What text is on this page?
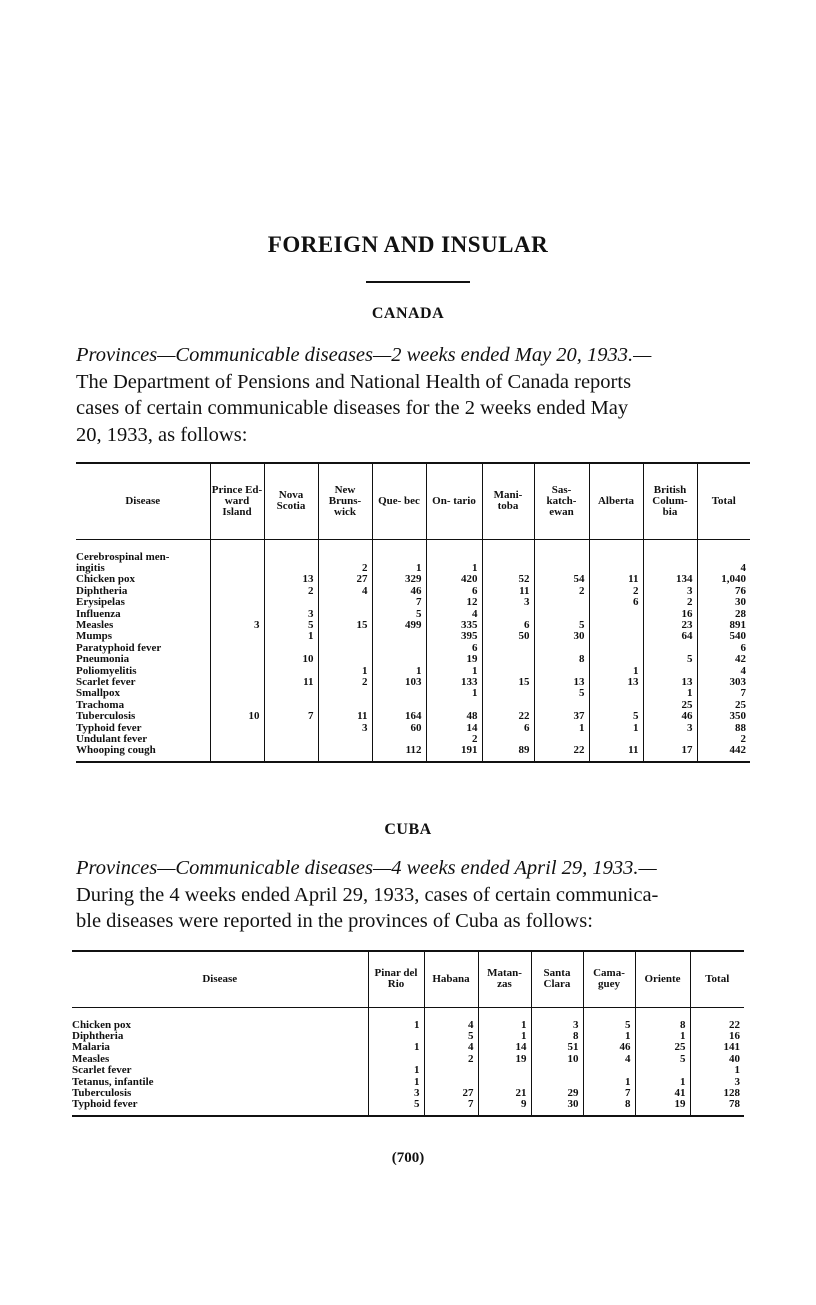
FOREIGN AND INSULAR
CANADA
Provinces—Communicable diseases—2 weeks ended May 20, 1933.—
The Department of Pensions and National Health of Canada reports
cases of certain communicable diseases for the 2 weeks ended May
20, 1933, as follows:
Disease	Prince Ed- ward Island	Nova Scotia	New Bruns- wick	Que- bec	On- tario	Mani- toba	Sas- katch- ewan	Alberta	British Colum- bia	Total

Cerebrospinal men-										
ingitis			2	1	1					4
Chicken pox		13	27	329	420	52	54	11	134	1,040
Diphtheria		2	4	46	6	11	2	2	3	76
Erysipelas				7	12	3		6	2	30
Influenza		3		5	4				16	28
Measles	3	5	15	499	335	6	5		23	891
Mumps		1			395	50	30		64	540
Paratyphoid fever					6					6
Pneumonia		10			19		8		5	42
Poliomyelitis			1	1	1			1		4
Scarlet fever		11	2	103	133	15	13	13	13	303
Smallpox					1		5		1	7
Trachoma									25	25
Tuberculosis	10	7	11	164	48	22	37	5	46	350
Typhoid fever			3	60	14	6	1	1	3	88
Undulant fever					2					2
Whooping cough				112	191	89	22	11	17	442

CUBA
Provinces—Communicable diseases—4 weeks ended April 29, 1933.—
During the 4 weeks ended April 29, 1933, cases of certain communica-
ble diseases were reported in the provinces of Cuba as follows:
Disease	Pinar del Rio	Habana	Matan- zas	Santa Clara	Cama- guey	Oriente	Total

Chicken pox	1	4	1	3	5	8	22
Diphtheria		5	1	8	1	1	16
Malaria	1	4	14	51	46	25	141
Measles		2	19	10	4	5	40
Scarlet fever	1						1
Tetanus, infantile	1				1	1	3
Tuberculosis	3	27	21	29	7	41	128
Typhoid fever	5	7	9	30	8	19	78

(700)
